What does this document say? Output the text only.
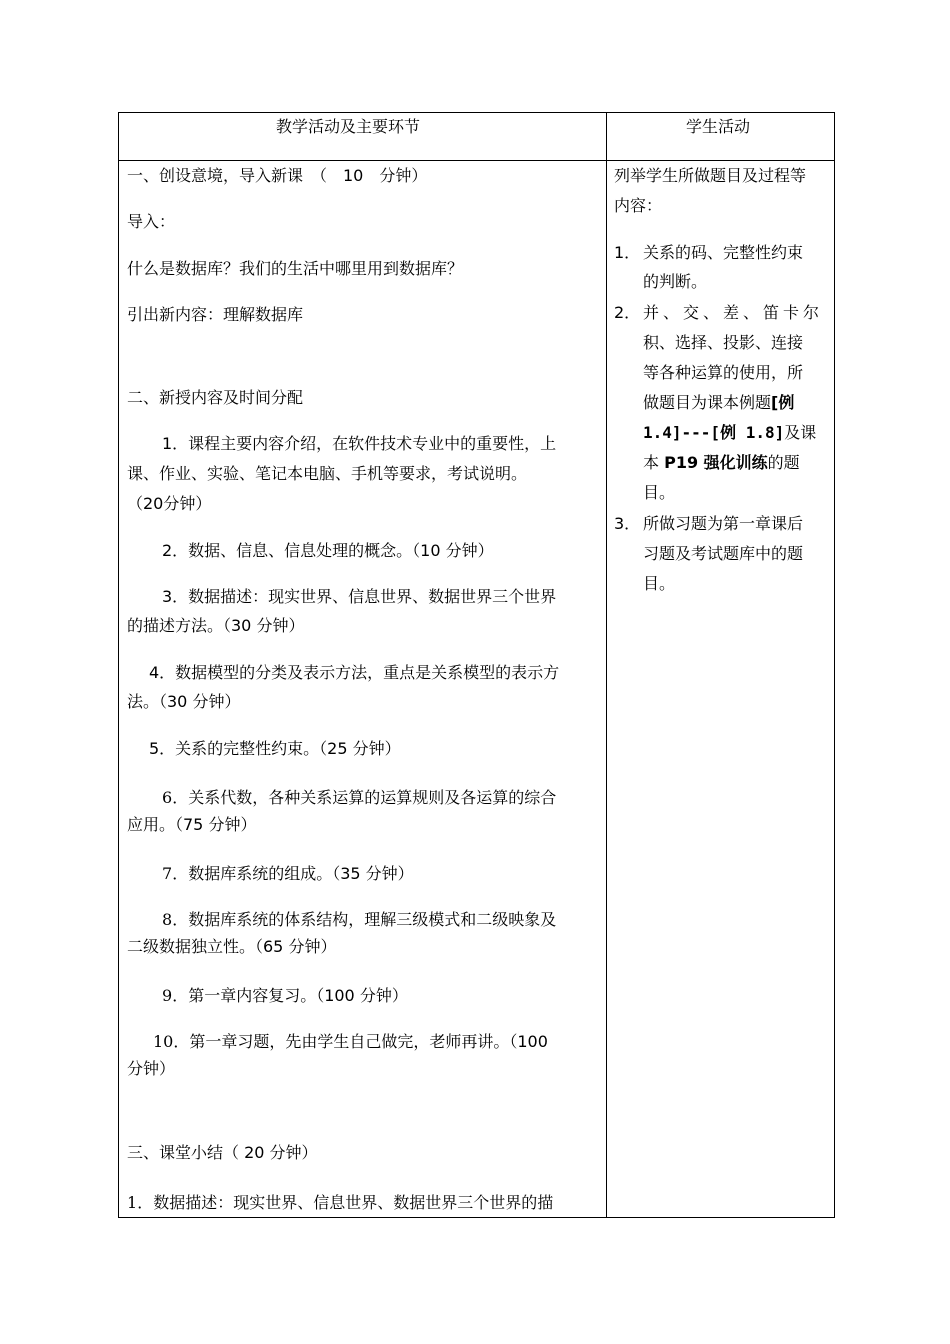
教学活动及主要环节	学生活动
一、创设意境，导入新课　（　10　分钟）
导入：
什么是数据库？我们的生活中哪里用到数据库？
引出新内容：理解数据库
二、新授内容及时间分配
1．课程主要内容介绍，在软件技术专业中的重要性，上
课、作业、实验、笔记本电脑、手机等要求，考试说明。
（20分钟）
2．数据、信息、信息处理的概念。（10 分钟）
3．数据描述：现实世界、信息世界、数据世界三个世界
的描述方法。（30 分钟）
4．数据模型的分类及表示方法，重点是关系模型的表示方
法。（30 分钟）
5．关系的完整性约束。（25 分钟）
6．关系代数，各种关系运算的运算规则及各运算的综合
应用。（75 分钟）
7．数据库系统的组成。（35 分钟）
8．数据库系统的体系结构，理解三级模式和二级映象及
二级数据独立性。（65 分钟）
9．第一章内容复习。（100 分钟）
10．第一章习题，先由学生自己做完，老师再讲。（100
分钟）
三、课堂小结（ 20 分钟）
1．数据描述：现实世界、信息世界、数据世界三个世界的描
列举学生所做题目及过程等
内容：
1． 关系的码、完整性约束
的判断。
2． 并、交、差、笛卡尔
积、选择、投影、连接
等各种运算的使用，所
做题目为课本例题[例
1.4]---[例 1.8]及课
本 P19 强化训练的题
目。
3． 所做习题为第一章课后
习题及考试题库中的题
目。
